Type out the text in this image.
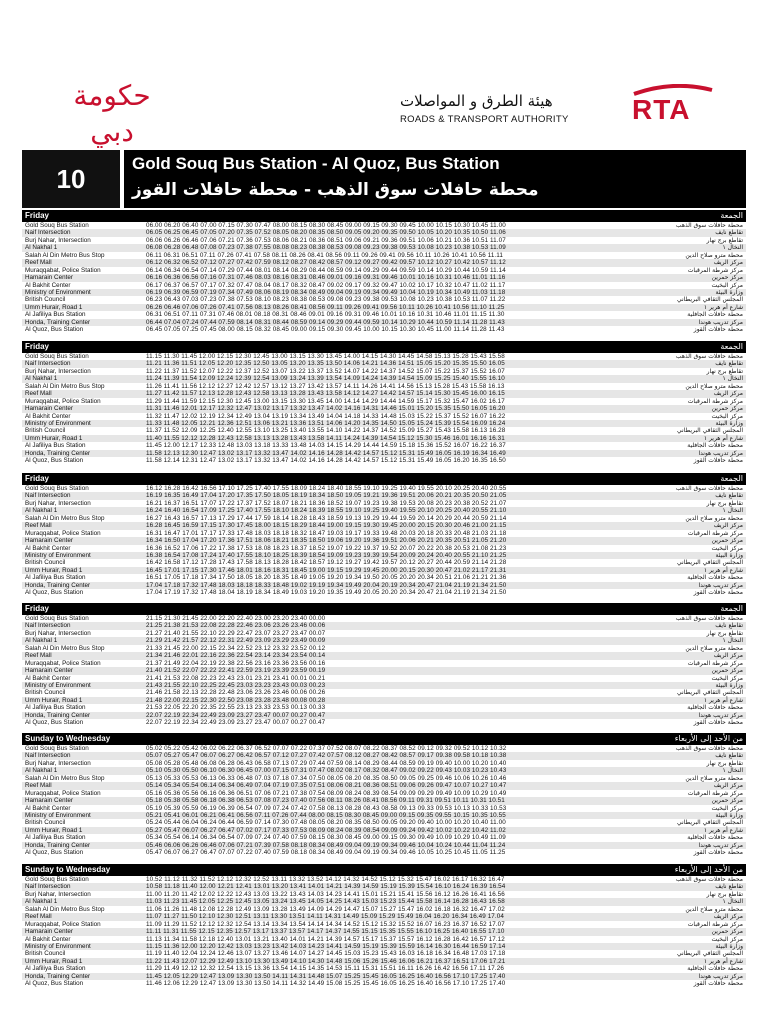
حكومة دبي
هيئة الطرق و المواصلات
ROADS & TRANSPORT AUTHORITY	RTA
10	Gold Souq Bus Station - Al Quoz, Bus Station
محطة حافلات سوق الذهب - محطة حافلات القوز
Friday	الجمعة
Gold Souq Bus Station	06.00 06.20 06.40 07.00 07.15 07.30 07.47 08.00 08.15 08.30 08.45 09.00 09.15 09.30 09.45 10.00 10.15 10.30 10.45 11.00	محطة حافلات سوق الذهب
Naif Intersection	06.05 06.25 06.45 07.05 07.20 07.35 07.52 08.05 08.20 08.35 08.50 09.05 09.20 09.35 09.50 10.05 10.20 10.35 10.50 11.06	تقاطع نايف
Burj Nahar, Intersection	06.06 06.26 06.46 07.06 07.21 07.36 07.53 08.06 08.21 08.36 08.51 09.06 09.21 09.36 09.51 10.06 10.21 10.36 10.51 11.07	تقاطع برج نهار
Al Nakhal 1	06.08 06.28 06.48 07.08 07.23 07.38 07.55 08.08 08.23 08.38 08.53 09.08 09.23 09.38 09.53 10.08 10.23 10.38 10.53 11.09	النخال ١
Salah Al Din Metro Bus Stop	06.11 06.31 06.51 07.11 07.26 07.41 07.58 08.11 08.26 08.41 08.56 09.11 09.26 09.41 09.56 10.11 10.26 10.41 10.56 11.11	محطة مترو صلاح الدين
Reef Mall	06.12 06.32 06.52 07.12 07.27 07.42 07.59 08.12 08.27 08.42 08.57 09.12 09.27 09.42 09.57 10.12 10.27 10.42 10.57 11.12	مركز الريف
Muraqqabat, Police Station	06.14 06.34 06.54 07.14 07.29 07.44 08.01 08.14 08.29 08.44 08.59 09.14 09.29 09.44 09.59 10.14 10.29 10.44 10.59 11.14	مركز شرطة المرقبات
Hamarain Center	06.16 06.36 06.56 07.16 07.31 07.46 08.03 08.16 08.31 08.46 09.01 09.16 09.31 09.46 10.01 10.16 10.31 10.46 11.01 11.16	مركز حمرين
Al Bakhit Center	06.17 06.37 06.57 07.17 07.32 07.47 08.04 08.17 08.32 08.47 09.02 09.17 09.32 09.47 10.02 10.17 10.32 10.47 11.02 11.17	مركز البخيت
Ministry of Environment	06.19 06.39 06.59 07.19 07.34 07.49 08.06 08.19 08.34 08.49 09.04 09.19 09.34 09.49 10.04 10.19 10.34 10.49 11.03 11.18	وزارة البيئة
British Council	06.23 06.43 07.03 07.23 07.38 07.53 08.10 08.23 08.38 08.53 09.08 09.23 09.38 09.53 10.08 10.23 10.38 10.53 11.07 11.22	المجلس الثقافي البريطاني
Umm Hurair, Road 1	06.26 06.46 07.06 07.26 07.41 07.56 08.13 08.26 08.41 08.56 09.11 09.26 09.41 09.56 10.11 10.26 10.41 10.56 11.10 11.25	شارع أم هرير ١
Al Jafiliya Bus Station	06.31 06.51 07.11 07.31 07.46 08.01 08.18 08.31 08.46 09.01 09.16 09.31 09.46 10.01 10.16 10.31 10.46 11.01 11.15 11.30	محطة حافلات الجافلية
Honda, Training Center	06.44 07.04 07.24 07.44 07.59 08.14 08.31 08.44 08.59 09.14 09.29 09.44 09.59 10.14 10.29 10.44 10.59 11.14 11.28 11.43	مركز تدريب هوندا
Al Quoz, Bus Station	06.45 07.05 07.25 07.45 08.00 08.15 08.32 08.45 09.00 09.15 09.30 09.45 10.00 10.15 10.30 10.45 11.00 11.14 11.28 11.43	محطة حافلات القوز
Friday	الجمعة
Gold Souq Bus Station	11.15 11.30 11.45 12.00 12.15 12.30 12.45 13.00 13.15 13.30 13.45 14.00 14.15 14.30 14.45 14.58 15.13 15.28 15.43 15.58	محطة حافلات سوق الذهب
Naif Intersection	11.21 11.36 11.51 12.05 12.20 12.35 12.50 13.05 13.20 13.35 13.50 14.06 14.21 14.36 14.51 15.05 15.20 15.35 15.50 16.05	تقاطع نايف
Burj Nahar, Intersection	11.22 11.37 11.52 12.07 12.22 12.37 12.52 13.07 13.22 13.37 13.52 14.07 14.22 14.37 14.52 15.07 15.22 15.37 15.52 16.07	تقاطع برج نهار
Al Nakhal 1	11.24 11.39 11.54 12.09 12.24 12.39 12.54 13.09 13.24 13.39 13.54 14.09 14.24 14.39 14.54 15.09 15.25 15.40 15.55 16.10	النخال ١
Salah Al Din Metro Bus Stop	11.26 11.41 11.56 12.12 12.27 12.42 12.57 13.12 13.27 13.42 13.57 14.11 14.26 14.41 14.56 15.13 15.28 15.43 15.58 16.13	محطة مترو صلاح الدين
Reef Mall	11.27 11.42 11.57 12.13 12.28 12.43 12.58 13.13 13.28 13.43 13.58 14.12 14.27 14.42 14.57 15.14 15.30 15.45 16.00 16.15	مركز الريف
Muraqqabat, Police Station	11.29 11.44 11.59 12.15 12.30 12.45 13.00 13.15 13.30 13.45 14.00 14.14 14.29 14.44 14.59 15.17 15.32 15.47 16.02 16.17	مركز شرطة المرقبات
Hamarain Center	11.31 11.46 12.01 12.17 12.32 12.47 13.02 13.17 13.32 13.47 14.02 14.16 14.31 14.46 15.01 15.20 15.35 15.50 16.05 16.20	مركز حمرين
Al Bakhit Center	11.32 11.47 12.02 12.19 12.34 12.49 13.04 13.19 13.34 13.49 14.04 14.18 14.33 14.48 15.03 15.22 15.37 15.52 16.07 16.22	مركز البخيت
Ministry of Environment	11.33 11.48 12.05 12.21 12.36 12.51 13.06 13.21 13.36 13.51 14.06 14.20 14.35 14.50 15.05 15.24 15.39 15.54 16.09 16.24	وزارة البيئة
British Council	11.37 11.52 12.09 12.25 12.40 12.55 13.10 13.25 13.40 13.55 14.10 14.22 14.37 14.52 15.09 15.27 15.43 15.58 16.13 16.28	المجلس الثقافي البريطاني
Umm Hurair, Road 1	11.40 11.55 12.12 12.28 12.43 12.58 13.13 13.28 13.43 13.58 14.11 14.24 14.39 14.54 15.12 15.30 15.46 16.01 16.16 16.31	شارع أم هرير ١
Al Jafiliya Bus Station	11.45 12.00 12.17 12.33 12.48 13.03 13.18 13.33 13.48 14.03 14.15 14.29 14.44 14.59 15.18 15.36 15.52 16.07 16.22 16.37	محطة حافلات الجافلية
Honda, Training Center	11.58 12.13 12.30 12.47 13.02 13.17 13.32 13.47 14.02 14.16 14.28 14.42 14.57 15.12 15.31 15.49 16.05 16.19 16.34 16.49	مركز تدريب هوندا
Al Quoz, Bus Station	11.58 12.14 12.31 12.47 13.02 13.17 13.32 13.47 14.02 14.16 14.28 14.42 14.57 15.12 15.31 15.49 16.05 16.20 16.35 16.50	محطة حافلات القوز
Friday	الجمعة
Gold Souq Bus Station	16.12 16.28 16.42 16.56 17.10 17.25 17.40 17.55 18.09 18.24 18.40 18.55 19.10 19.25 19.40 19.55 20.10 20.25 20.40 20.55	محطة حافلات سوق الذهب
Naif Intersection	16.19 16.35 16.49 17.04 17.20 17.35 17.50 18.05 18.19 18.34 18.50 19.05 19.21 19.36 19.51 20.06 20.21 20.35 20.50 21.05	تقاطع نايف
Burj Nahar, Intersection	16.21 16.37 16.51 17.07 17.22 17.37 17.52 18.07 18.21 18.36 18.52 19.07 19.23 19.38 19.53 20.08 20.23 20.38 20.52 21.07	تقاطع برج نهار
Al Nakhal 1	16.24 16.40 16.54 17.09 17.25 17.40 17.55 18.10 18.24 18.39 18.55 19.10 19.25 19.40 19.55 20.10 20.25 20.40 20.55 21.10	النخال ١
Salah Al Din Metro Bus Stop	16.27 16.43 16.57 17.13 17.29 17.44 17.59 18.14 18.28 18.43 18.59 19.13 19.29 19.44 19.59 20.14 20.29 20.44 20.59 21.14	محطة مترو صلاح الدين
Reef Mall	16.28 16.45 16.59 17.15 17.30 17.45 18.00 18.15 18.29 18.44 19.00 19.15 19.30 19.45 20.00 20.15 20.30 20.46 21.00 21.15	مركز الريف
Muraqqabat, Police Station	16.31 16.47 17.01 17.17 17.33 17.48 18.03 18.18 18.32 18.47 19.03 19.17 19.33 19.48 20.03 20.18 20.33 20.48 21.03 21.18	مركز شرطة المرقبات
Hamarain Center	16.34 16.50 17.04 17.20 17.36 17.51 18.06 18.21 18.35 18.50 19.06 19.20 19.36 19.51 20.06 20.21 20.35 20.51 21.05 21.20	مركز حمرين
Al Bakhit Center	16.36 16.52 17.06 17.22 17.38 17.53 18.08 18.23 18.37 18.52 19.07 19.22 19.37 19.52 20.07 20.22 20.38 20.53 21.08 21.23	مركز البخيت
Ministry of Environment	16.38 16.54 17.08 17.24 17.40 17.55 18.10 18.25 18.39 18.54 19.09 19.23 19.39 19.54 20.09 20.24 20.40 20.55 21.10 21.25	وزارة البيئة
British Council	16.42 16.58 17.12 17.28 17.43 17.58 18.13 18.28 18.42 18.57 19.12 19.27 19.42 19.57 20.12 20.27 20.44 20.59 21.14 21.28	المجلس الثقافي البريطاني
Umm Hurair, Road 1	16.45 17.01 17.15 17.30 17.46 18.01 18.16 18.31 18.45 19.00 19.15 19.29 19.45 20.00 20.15 20.30 20.47 21.02 21.17 21.31	شارع أم هرير ١
Al Jafiliya Bus Station	16.51 17.05 17.18 17.34 17.50 18.05 18.20 18.35 18.49 19.05 19.20 19.34 19.50 20.05 20.20 20.34 20.51 21.06 21.21 21.36	محطة حافلات الجافلية
Honda, Training Center	17.04 17.18 17.32 17.48 18.03 18.18 18.33 18.48 19.02 19.19 19.34 19.49 20.04 20.19 20.34 20.47 21.04 21.19 21.34 21.50	مركز تدريب هوندا
Al Quoz, Bus Station	17.04 17.19 17.32 17.48 18.04 18.19 18.34 18.49 19.03 19.20 19.35 19.49 20.05 20.20 20.34 20.47 21.04 21.19 21.34 21.50	محطة حافلات القوز
Friday	الجمعة
Gold Souq Bus Station	21.15 21.30 21.45 22.00 22.20 22.40 23.00 23.20 23.40 00.00	محطة حافلات سوق الذهب
Naif Intersection	21.25 21.38 21.53 22.08 22.28 22.46 23.06 23.26 23.46 00.06	تقاطع نايف
Burj Nahar, Intersection	21.27 21.40 21.55 22.10 22.29 22.47 23.07 23.27 23.47 00.07	تقاطع برج نهار
Al Nakhal 1	21.29 21.42 21.57 22.12 22.31 22.49 23.09 23.29 23.49 00.09	النخال ١
Salah Al Din Metro Bus Stop	21.33 21.45 22.00 22.15 22.34 22.52 23.12 23.32 23.52 00.12	محطة مترو صلاح الدين
Reef Mall	21.34 21.46 22.01 22.16 22.36 22.54 23.14 23.34 23.54 00.14	مركز الريف
Muraqqabat, Police Station	21.37 21.49 22.04 22.19 22.38 22.56 23.16 23.36 23.56 00.16	مركز شرطة المرقبات
Hamarain Center	21.40 21.52 22.07 22.22 22.41 22.59 23.19 23.39 23.59 00.19	مركز حمرين
Al Bakhit Center	21.41 21.53 22.08 22.23 22.43 23.01 23.21 23.41 00.01 00.21	مركز البخيت
Ministry of Environment	21.43 21.55 22.10 22.25 22.45 23.03 23.23 23.43 00.03 00.23	وزارة البيئة
British Council	21.46 21.58 22.13 22.28 22.48 23.06 23.26 23.46 00.06 00.26	المجلس الثقافي البريطاني
Umm Hurair, Road 1	21.48 22.00 22.15 22.30 22.50 23.08 23.28 23.48 00.08 00.28	شارع أم هرير ١
Al Jafiliya Bus Station	21.53 22.05 22.20 22.35 22.55 23.13 23.33 23.53 00.13 00.33	محطة حافلات الجافلية
Honda, Training Center	22.07 22.19 22.34 22.49 23.09 23.27 23.47 00.07 00.27 00.47	مركز تدريب هوندا
Al Quoz, Bus Station	22.07 22.19 22.34 22.49 23.09 23.27 23.47 00.07 00.27 00.47	محطة حافلات القوز
Sunday to Wednesday	من الأحد إلى الأربعاء
Gold Souq Bus Station	05.02 05.22 05.42 06.02 06.22 06.37 06.52 07.07 07.22 07.37 07.52 08.07 08.22 08.37 08.52 09.12 09.32 09.52 10.12 10.32	محطة حافلات سوق الذهب
Naif Intersection	05.07 05.27 05.47 06.07 06.27 06.42 06.57 07.12 07.27 07.42 07.57 08.12 08.27 08.42 08.57 09.17 09.38 09.58 10.18 10.38	تقاطع نايف
Burj Nahar, Intersection	05.08 05.28 05.48 06.08 06.28 06.43 06.58 07.13 07.29 07.44 07.59 08.14 08.29 08.44 08.59 09.19 09.40 10.00 10.20 10.40	تقاطع برج نهار
Al Nakhal 1	05.10 05.30 05.50 06.10 06.30 06.45 07.00 07.15 07.31 07.47 08.02 08.17 08.32 08.47 09.02 09.22 09.43 10.03 10.23 10.43	النخال ١
Salah Al Din Metro Bus Stop	05.13 05.33 05.53 06.13 06.33 06.48 07.03 07.18 07.34 07.50 08.05 08.20 08.35 08.50 09.05 09.25 09.46 10.06 10.26 10.46	محطة مترو صلاح الدين
Reef Mall	05.14 05.34 05.54 06.14 06.34 06.49 07.04 07.19 07.35 07.51 08.06 08.21 08.36 08.51 09.06 09.26 09.47 10.07 10.27 10.47	مركز الريف
Muraqqabat, Police Station	05.16 05.36 05.56 06.16 06.36 06.51 07.06 07.21 07.38 07.54 08.09 08.24 08.39 08.54 09.09 09.29 09.49 10.09 10.29 10.49	مركز شرطة المرقبات
Hamarain Center	05.18 05.38 05.58 06.18 06.38 06.53 07.08 07.23 07.40 07.56 08.11 08.26 08.41 08.56 09.11 09.31 09.51 10.11 10.31 10.51	مركز حمرين
Al Bakhit Center	05.19 05.39 05.59 06.19 06.39 06.54 07.09 07.24 07.42 07.58 08.13 08.28 08.43 08.58 09.13 09.33 09.53 10.13 10.33 10.53	مركز البخيت
Ministry of Environment	05.21 05.41 06.01 06.21 06.41 06.56 07.11 07.26 07.44 08.00 08.15 08.30 08.45 09.00 09.15 09.35 09.55 10.15 10.35 10.55	وزارة البيئة
British Council	05.24 05.44 06.04 06.24 06.44 06.59 07.14 07.30 07.48 08.05 08.20 08.35 08.50 09.05 09.20 09.40 10.00 10.20 10.40 11.00	المجلس الثقافي البريطاني
Umm Hurair, Road 1	05.27 05.47 06.07 06.27 06.47 07.02 07.17 07.33 07.53 08.09 08.24 08.39 08.54 09.09 09.24 09.42 10.02 10.22 10.42 11.02	شارع أم هرير ١
Al Jafiliya Bus Station	05.34 05.54 06.14 06.34 06.54 07.09 07.24 07.40 07.59 08.15 08.30 08.45 09.00 09.15 09.30 09.49 10.09 10.29 10.49 11.09	محطة حافلات الجافلية
Honda, Training Center	05.46 06.06 06.26 06.46 07.06 07.21 07.39 07.58 08.18 08.34 08.49 09.04 09.19 09.34 09.46 10.04 10.24 10.44 11.04 11.24	مركز تدريب هوندا
Al Quoz, Bus Station	05.47 06.07 06.27 06.47 07.07 07.22 07.40 07.59 08.18 08.34 08.49 09.04 09.19 09.34 09.46 10.05 10.25 10.45 11.05 11.25	محطة حافلات القوز
Sunday to Wednesday	من الأحد إلى الأربعاء
Gold Souq Bus Station	10.52 11.12 11.32 11.52 12.12 12.32 12.52 13.11 13.32 13.52 14.12 14.32 14.52 15.12 15.32 15.47 16.02 16.17 16.32 16.47	محطة حافلات سوق الذهب
Naif Intersection	10.58 11.18 11.40 12.00 12.21 12.41 13.01 13.20 13.41 14.01 14.21 14.39 14.59 15.19 15.39 15.54 16.10 16.24 16.39 16.54	تقاطع نايف
Burj Nahar, Intersection	11.00 11.20 11.42 12.02 12.22 12.43 13.03 13.22 13.43 14.03 14.23 14.41 15.01 15.21 15.41 15.56 16.12 16.26 16.41 16.56	تقاطع برج نهار
Al Nakhal 1	11.03 11.23 11.45 12.05 12.25 12.45 13.05 13.24 13.45 14.05 14.25 14.43 15.03 15.23 15.44 15.58 16.14 16.28 16.43 16.58	النخال ١
Salah Al Din Metro Bus Stop	11.06 11.26 11.48 12.08 12.28 12.49 13.09 13.28 13.49 14.09 14.29 14.47 15.07 15.27 15.47 16.02 16.18 16.32 16.47 17.02	محطة مترو صلاح الدين
Reef Mall	11.07 11.27 11.50 12.10 12.30 12.51 13.11 13.30 13.51 14.11 14.31 14.49 15.09 15.29 15.49 16.04 16.20 16.34 16.49 17.04	مركز الريف
Muraqqabat, Police Station	11.09 11.29 11.52 12.12 12.32 12.54 13.14 13.34 13.54 14.14 14.34 14.52 15.12 15.32 15.52 16.07 16.23 16.37 16.52 17.07	مركز شرطة المرقبات
Hamarain Center	11.11 11.31 11.55 12.15 12.35 12.57 13.17 13.37 13.57 14.17 14.37 14.55 15.15 15.35 15.55 16.10 16.25 16.40 16.55 17.10	مركز حمرين
Al Bakhit Center	11.13 11.34 11.58 12.18 12.40 13.01 13.21 13.40 14.01 14.21 14.39 14.57 15.17 15.37 15.57 16.12 16.28 16.42 16.57 17.12	مركز البخيت
Ministry of Environment	11.15 11.36 12.00 12.20 12.42 13.03 13.23 13.42 14.03 14.23 14.41 14.59 15.19 15.39 15.59 16.14 16.30 16.44 16.59 17.14	وزارة البيئة
British Council	11.19 11.40 12.04 12.24 12.46 13.07 13.27 13.46 14.07 14.27 14.45 15.03 15.23 15.43 16.03 16.18 16.34 16.48 17.03 17.18	المجلس الثقافي البريطاني
Umm Hurair, Road 1	11.22 11.43 12.07 12.29 12.49 13.10 13.30 13.49 14.10 14.30 14.48 15.06 15.26 15.46 16.06 16.21 16.37 16.51 17.06 17.21	شارع أم هرير ١
Al Jafiliya Bus Station	11.29 11.49 12.12 12.32 12.54 13.15 13.36 13.54 14.15 14.35 14.53 15.11 15.31 15.51 16.11 16.26 16.42 16.56 17.11 17.26	محطة حافلات الجافلية
Honda, Training Center	11.45 12.05 12.29 12.47 13.09 13.30 13.50 14.11 14.31 14.48 15.07 15.25 15.45 16.05 16.25 16.40 16.56 17.10 17.25 17.40	مركز تدريب هوندا
Al Quoz, Bus Station	11.46 12.06 12.29 12.47 13.09 13.30 13.50 14.11 14.32 14.49 15.08 15.25 15.45 16.05 16.25 16.40 16.56 17.10 17.25 17.40	محطة حافلات القوز
